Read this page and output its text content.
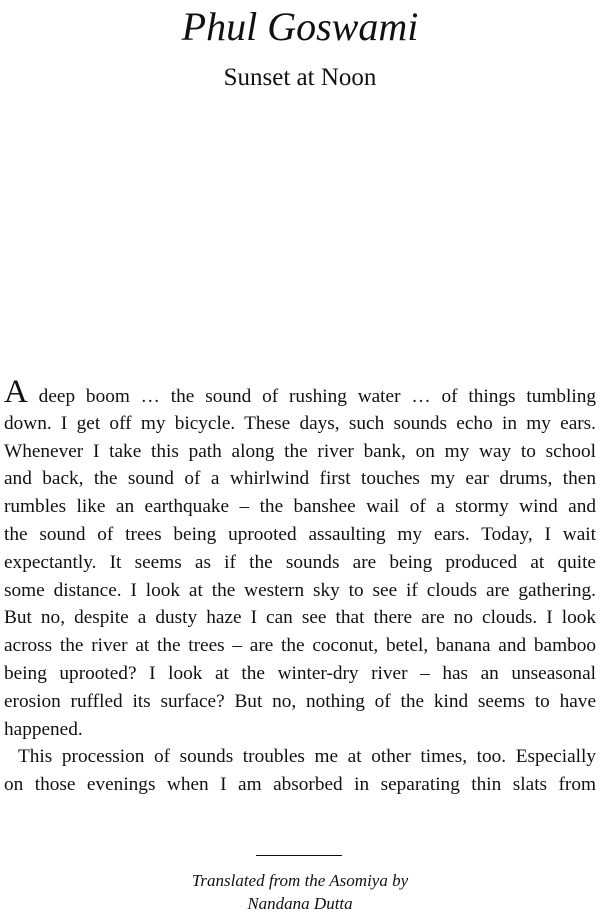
Phul Goswami
Sunset at Noon
A deep boom … the sound of rushing water … of things tumbling
down. I get off my bicycle. These days, such sounds echo in my ears.
Whenever I take this path along the river bank, on my way to school
and back, the sound of a whirlwind first touches my ear drums, then
rumbles like an earthquake – the banshee wail of a stormy wind and
the sound of trees being uprooted assaulting my ears. Today, I wait
expectantly. It seems as if the sounds are being produced at quite
some distance. I look at the western sky to see if clouds are gathering.
But no, despite a dusty haze I can see that there are no clouds. I look
across the river at the trees – are the coconut, betel, banana and bamboo
being uprooted? I look at the winter-dry river – has an unseasonal
erosion ruffled its surface? But no, nothing of the kind seems to have
happened.
This procession of sounds troubles me at other times, too. Especially
on those evenings when I am absorbed in separating thin slats from
Translated from the Asomiya by
Nandana Dutta
